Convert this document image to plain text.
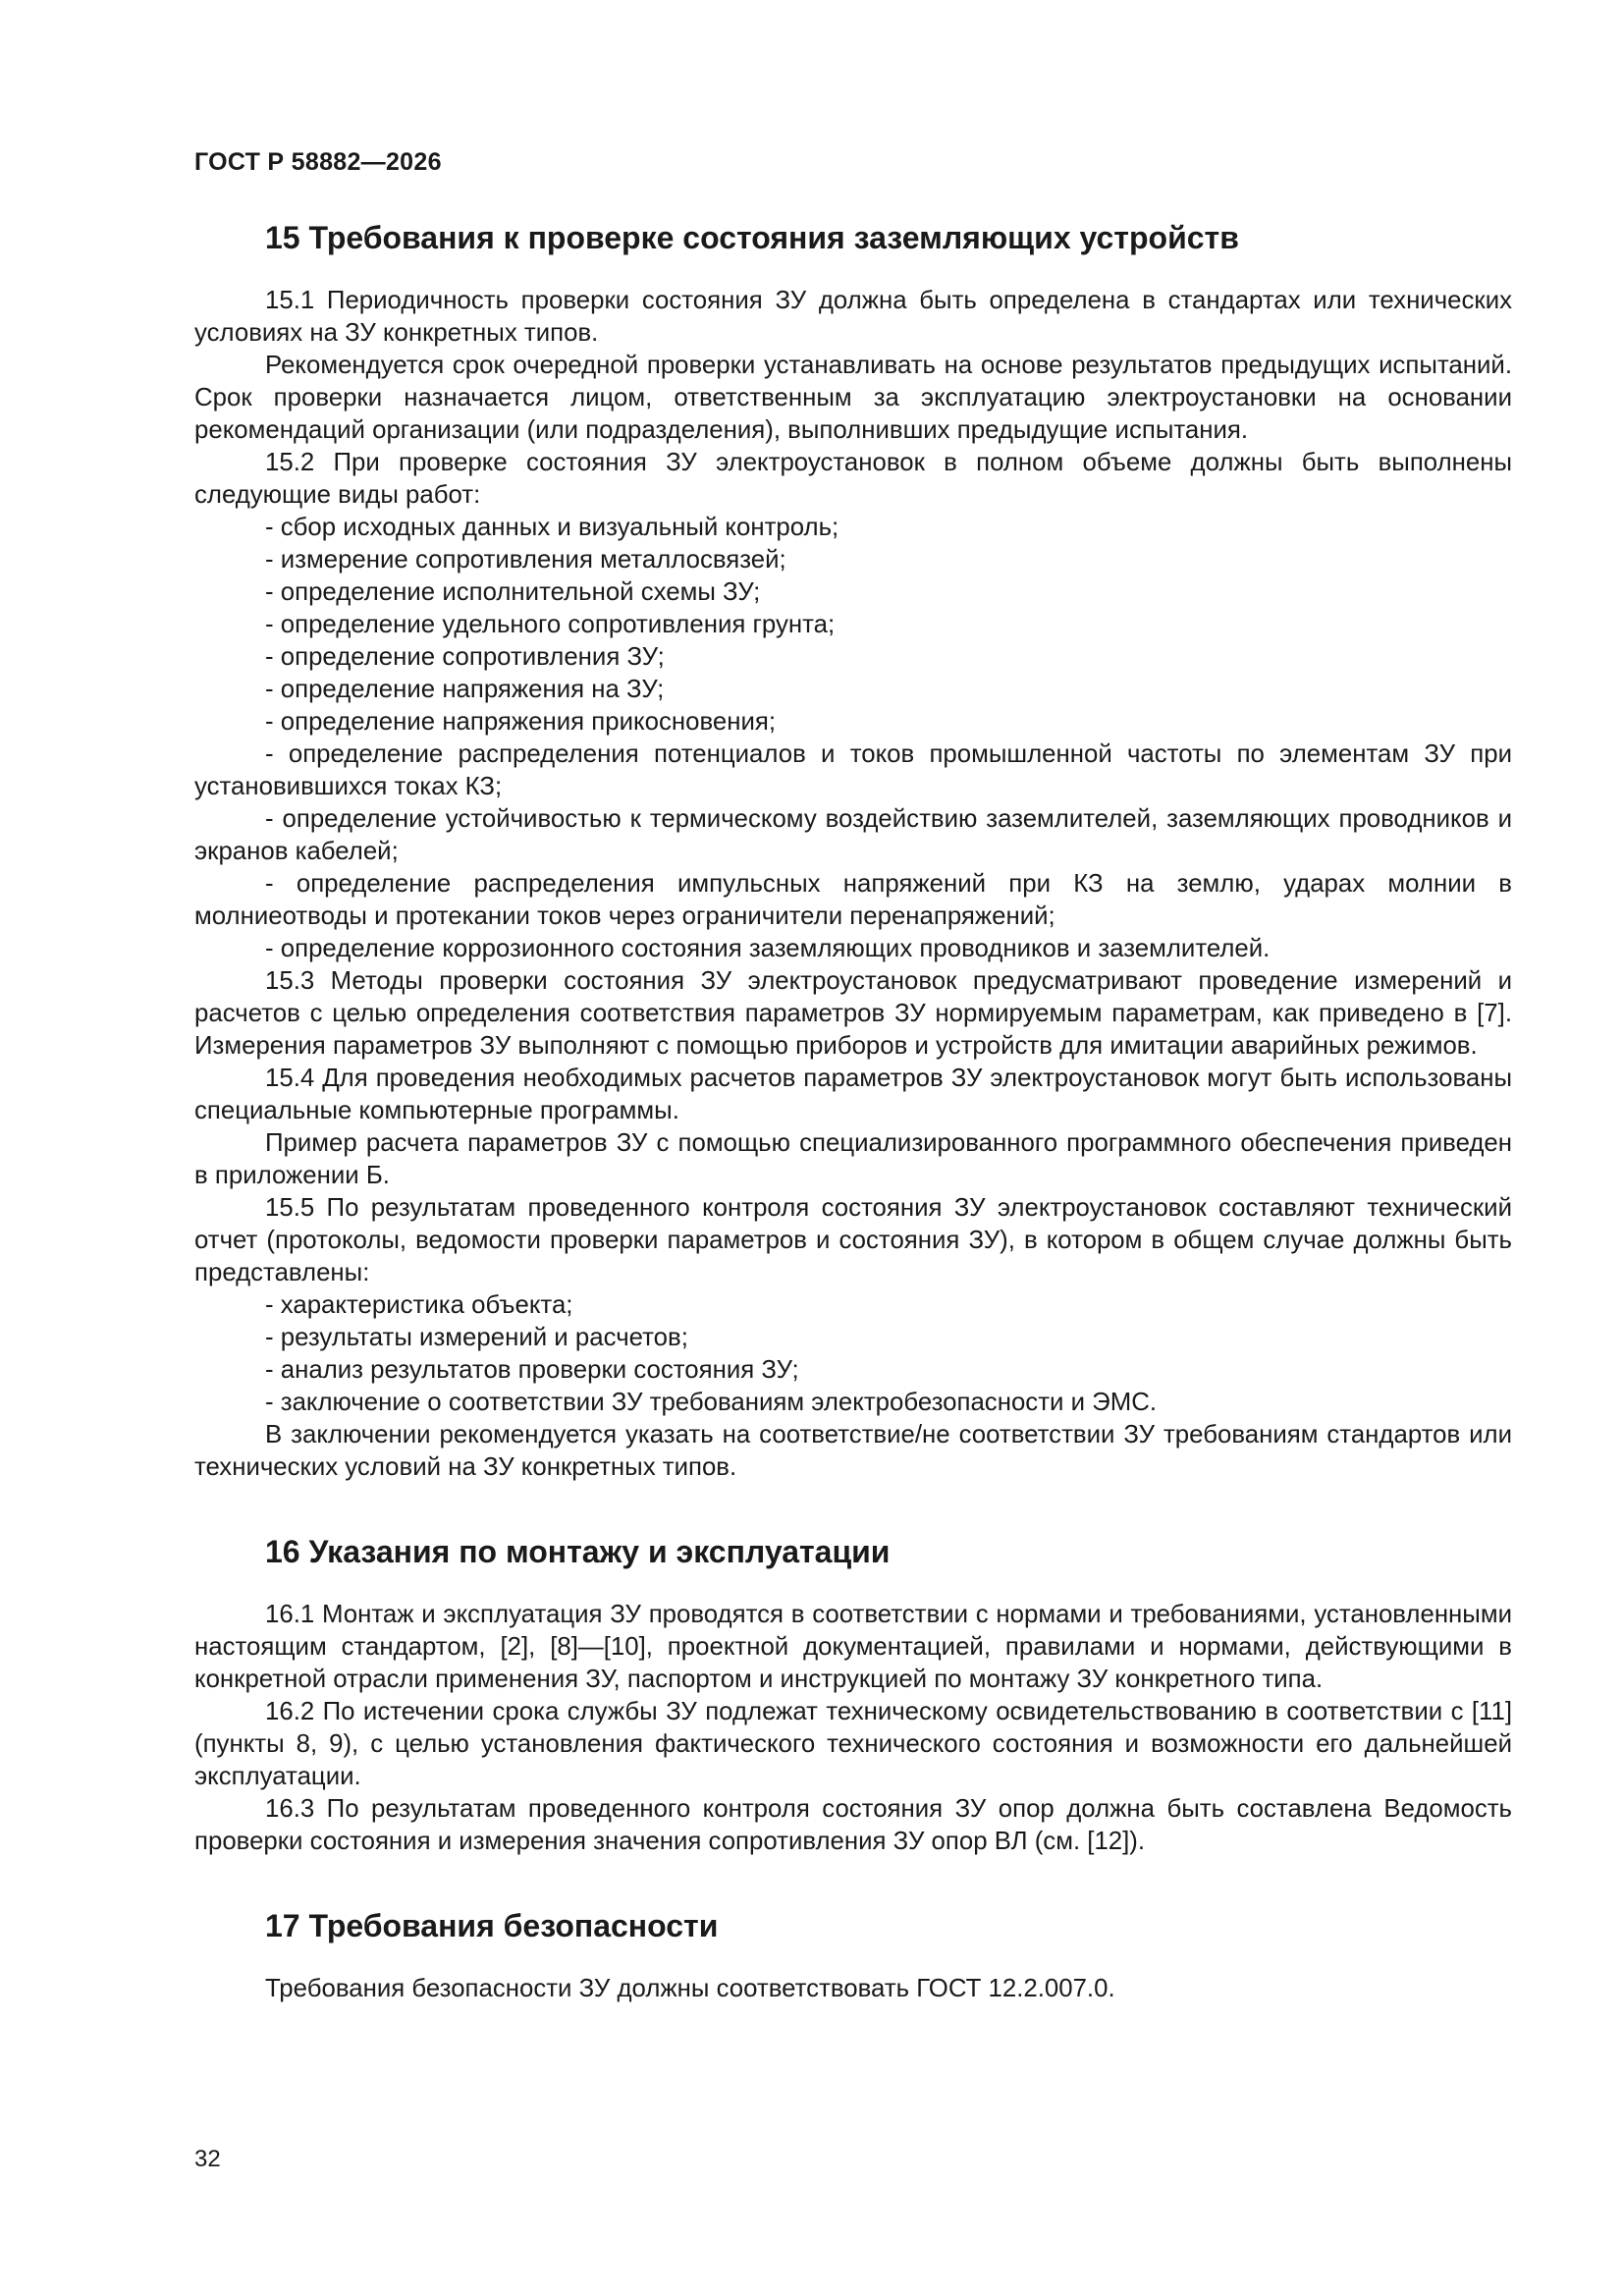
ГОСТ Р 58882—2026
15 Требования к проверке состояния заземляющих устройств

15.1 Периодичность проверки состояния ЗУ должна быть определена в стандартах или технических условиях на ЗУ конкретных типов.

Рекомендуется срок очередной проверки устанавливать на основе результатов предыдущих испытаний. Срок проверки назначается лицом, ответственным за эксплуатацию электроустановки на основании рекомендаций организации (или подразделения), выполнивших предыдущие испытания.

15.2 При проверке состояния ЗУ электроустановок в полном объеме должны быть выполнены следующие виды работ:

- сбор исходных данных и визуальный контроль;

- измерение сопротивления металлосвязей;

- определение исполнительной схемы ЗУ;

- определение удельного сопротивления грунта;

- определение сопротивления ЗУ;

- определение напряжения на ЗУ;

- определение напряжения прикосновения;

- определение распределения потенциалов и токов промышленной частоты по элементам ЗУ при установившихся токах КЗ;

- определение устойчивостью к термическому воздействию заземлителей, заземляющих проводников и экранов кабелей;

- определение распределения импульсных напряжений при КЗ на землю, ударах молнии в молниеотводы и протекании токов через ограничители перенапряжений;

- определение коррозионного состояния заземляющих проводников и заземлителей.

15.3 Методы проверки состояния ЗУ электроустановок предусматривают проведение измерений и расчетов с целью определения соответствия параметров ЗУ нормируемым параметрам, как приведено в [7]. Измерения параметров ЗУ выполняют с помощью приборов и устройств для имитации аварийных режимов.

15.4 Для проведения необходимых расчетов параметров ЗУ электроустановок могут быть использованы специальные компьютерные программы.

Пример расчета параметров ЗУ с помощью специализированного программного обеспечения приведен в приложении Б.

15.5 По результатам проведенного контроля состояния ЗУ электроустановок составляют технический отчет (протоколы, ведомости проверки параметров и состояния ЗУ), в котором в общем случае должны быть представлены:

- характеристика объекта;

- результаты измерений и расчетов;

- анализ результатов проверки состояния ЗУ;

- заключение о соответствии ЗУ требованиям электробезопасности и ЭМС.

В заключении рекомендуется указать на соответствие/не соответствии ЗУ требованиям стандартов или технических условий на ЗУ конкретных типов.

16 Указания по монтажу и эксплуатации

16.1 Монтаж и эксплуатация ЗУ проводятся в соответствии с нормами и требованиями, установленными настоящим стандартом, [2], [8]—[10], проектной документацией, правилами и нормами, действующими в конкретной отрасли применения ЗУ, паспортом и инструкцией по монтажу ЗУ конкретного типа.

16.2 По истечении срока службы ЗУ подлежат техническому освидетельствованию в соответствии с [11] (пункты 8, 9), с целью установления фактического технического состояния и возможности его дальнейшей эксплуатации.

16.3 По результатам проведенного контроля состояния ЗУ опор должна быть составлена Ведомость проверки состояния и измерения значения сопротивления ЗУ опор ВЛ (см. [12]).

17 Требования безопасности

Требования безопасности ЗУ должны соответствовать ГОСТ 12.2.007.0.

32
